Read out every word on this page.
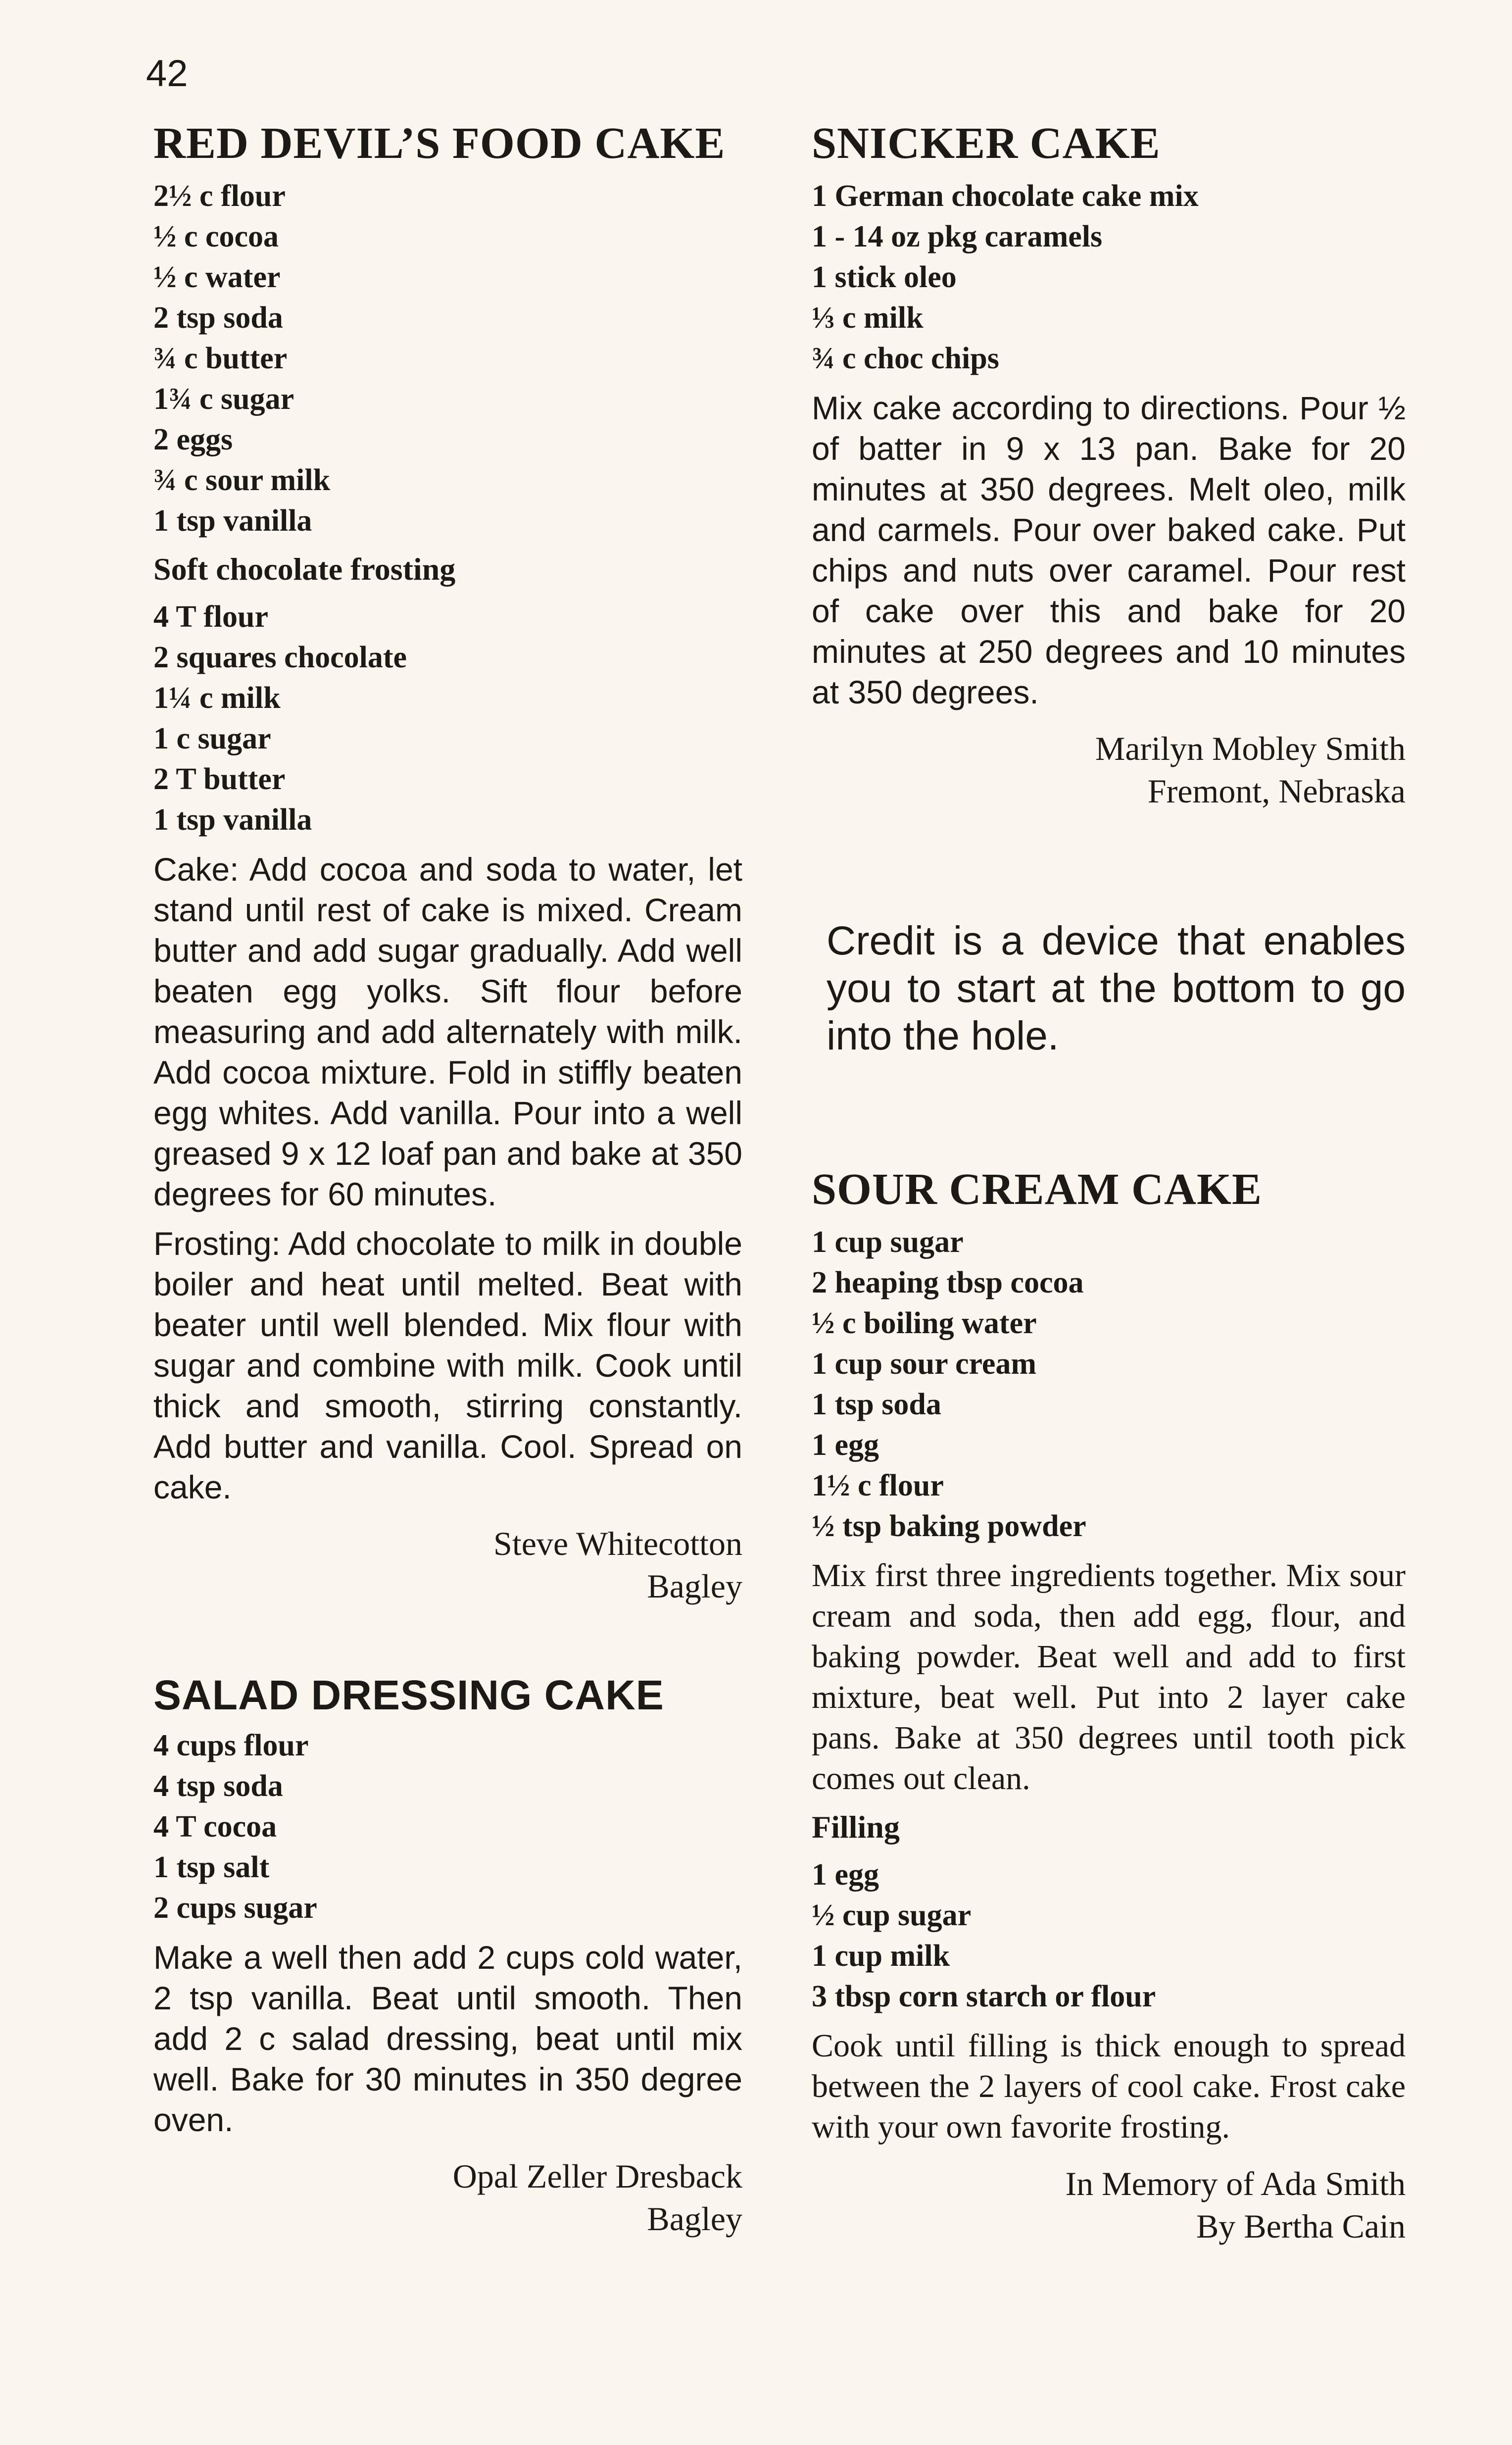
42
RED DEVIL’S FOOD CAKE
2½ c flour
½ c cocoa
½ c water
2 tsp soda
¾ c butter
1¾ c sugar
2 eggs
¾ c sour milk
1 tsp vanilla
Soft chocolate frosting
4 T flour
2 squares chocolate
1¼ c milk
1 c sugar
2 T butter
1 tsp vanilla

Cake: Add cocoa and soda to water, let stand until rest of cake is mixed. Cream butter and add sugar gradually. Add well beaten egg yolks. Sift flour before measuring and add alternately with milk. Add cocoa mixture. Fold in stiffly beaten egg whites. Add vanilla. Pour into a well greased 9 x 12 loaf pan and bake at 350 degrees for 60 minutes.

Frosting: Add chocolate to milk in double boiler and heat until melted. Beat with beater until well blended. Mix flour with sugar and combine with milk. Cook until thick and smooth, stirring constantly. Add butter and vanilla. Cool. Spread on cake.

Steve Whitecotton
Bagley
SALAD DRESSING CAKE
4 cups flour
4 tsp soda
4 T cocoa
1 tsp salt
2 cups sugar

Make a well then add 2 cups cold water, 2 tsp vanilla. Beat until smooth. Then add 2 c salad dressing, beat until mix well. Bake for 30 minutes in 350 degree oven.

Opal Zeller Dresback
Bagley
SNICKER CAKE
1 German chocolate cake mix
1 - 14 oz pkg caramels
1 stick oleo
⅓ c milk
¾ c choc chips

Mix cake according to directions. Pour ½ of batter in 9 x 13 pan. Bake for 20 minutes at 350 degrees. Melt oleo, milk and carmels. Pour over baked cake. Put chips and nuts over caramel. Pour rest of cake over this and bake for 20 minutes at 250 degrees and 10 minutes at 350 degrees.

Marilyn Mobley Smith
Fremont, Nebraska

Credit is a device that enables you to start at the bottom to go into the hole.

SOUR CREAM CAKE
1 cup sugar
2 heaping tbsp cocoa
½ c boiling water
1 cup sour cream
1 tsp soda
1 egg
1½ c flour
½ tsp baking powder

Mix first three ingredients together. Mix sour cream and soda, then add egg, flour, and baking powder. Beat well and add to first mixture, beat well. Put into 2 layer cake pans. Bake at 350 degrees until tooth pick comes out clean.

Filling
1 egg
½ cup sugar
1 cup milk
3 tbsp corn starch or flour

Cook until filling is thick enough to spread between the 2 layers of cool cake. Frost cake with your own favorite frosting.

In Memory of Ada Smith
By Bertha Cain
